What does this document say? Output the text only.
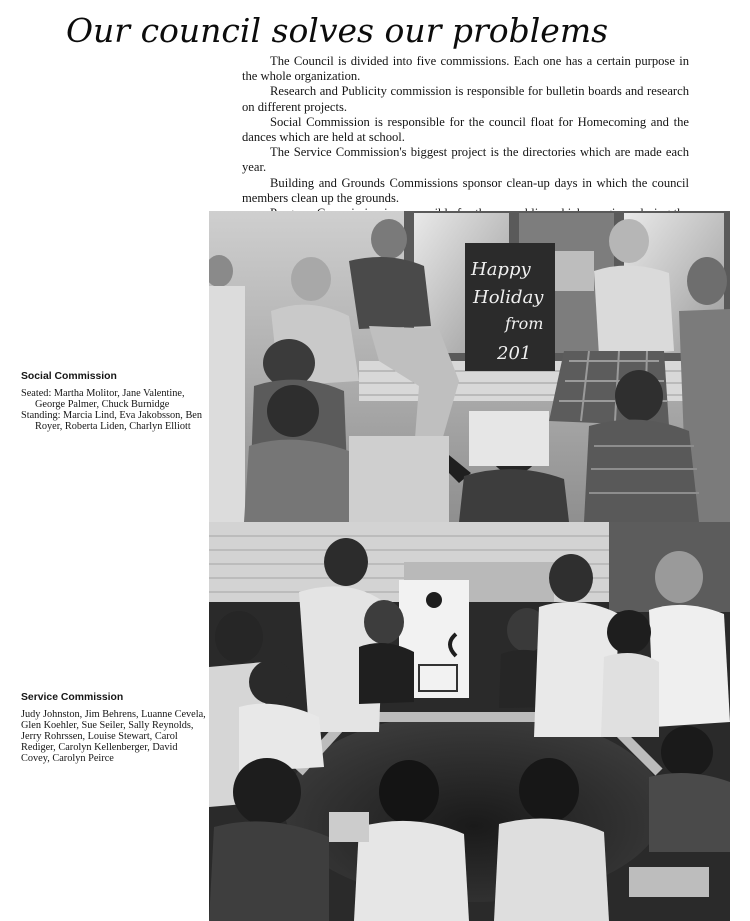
Our council solves our problems

The Council is divided into five commissions. Each one has a certain purpose in the whole organization.

Research and Publicity commission is responsible for bulletin boards and research on different projects.

Social Commission is responsible for the council float for Homecoming and the dances which are held at school.

The Service Commission's biggest project is the directories which are made each year.

Building and Grounds Commissions sponsor clean-up days in which the council members clean up the grounds.

Social Commission
Seated: Martha Molitor, Jane Valentine, George Palmer, Chuck Burnidge
Standing: Marcia Lind, Eva Jakobsson, Ben Royer, Roberta Liden, Charlyn Elliott
Service Commission
Judy Johnston, Jim Behrens, Luanne Cevela, Glen Koehler, Sue Seiler, Sally Reynolds, Jerry Rohrssen, Louise Stewart, Carol Rediger, Carolyn Kellenberger, David Covey, Carolyn Peirce
Happy
Holiday
from
201
